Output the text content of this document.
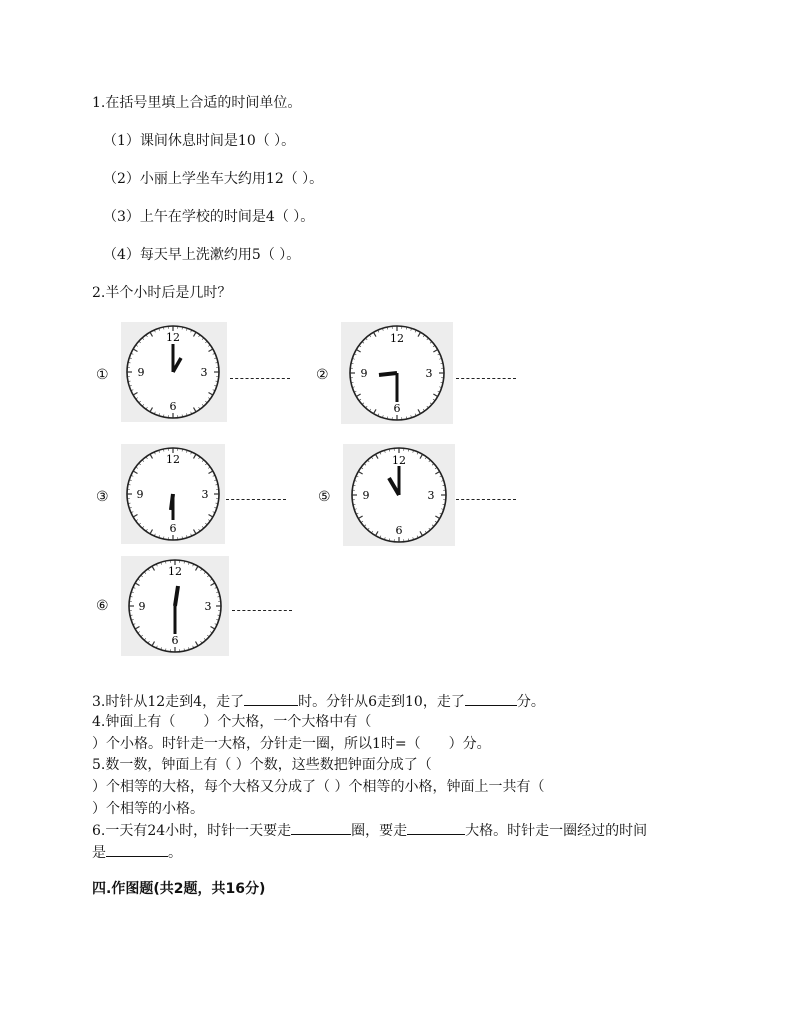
1.在括号里填上合适的时间单位。
（1）课间休息时间是10（ ）。
（2）小丽上学坐车大约用12（ ）。
（3）上午在学校的时间是4（ ）。
（4）每天早上洗漱约用5（ ）。
2.半个小时后是几时？
①
12
3
6
9	②
12
3
6
9
③
12
3
6
9	⑤
12
3
6
9
⑥
12
3
6
9
3.时针从12走到4，走了	时。分针从6走到10，走了	分。
4.钟面上有（　　）个大格，一个大格中有（
）个小格。时针走一大格，分针走一圈，所以1时=（　　）分。
5.数一数，钟面上有（ ）个数，这些数把钟面分成了（
）个相等的大格，每个大格又分成了（ ）个相等的小格，钟面上一共有（
）个相等的小格。
6.一天有24小时，时针一天要走	圈，要走	大格。时针走一圈经过的时间
是	。
四.作图题(共2题，共16分)
